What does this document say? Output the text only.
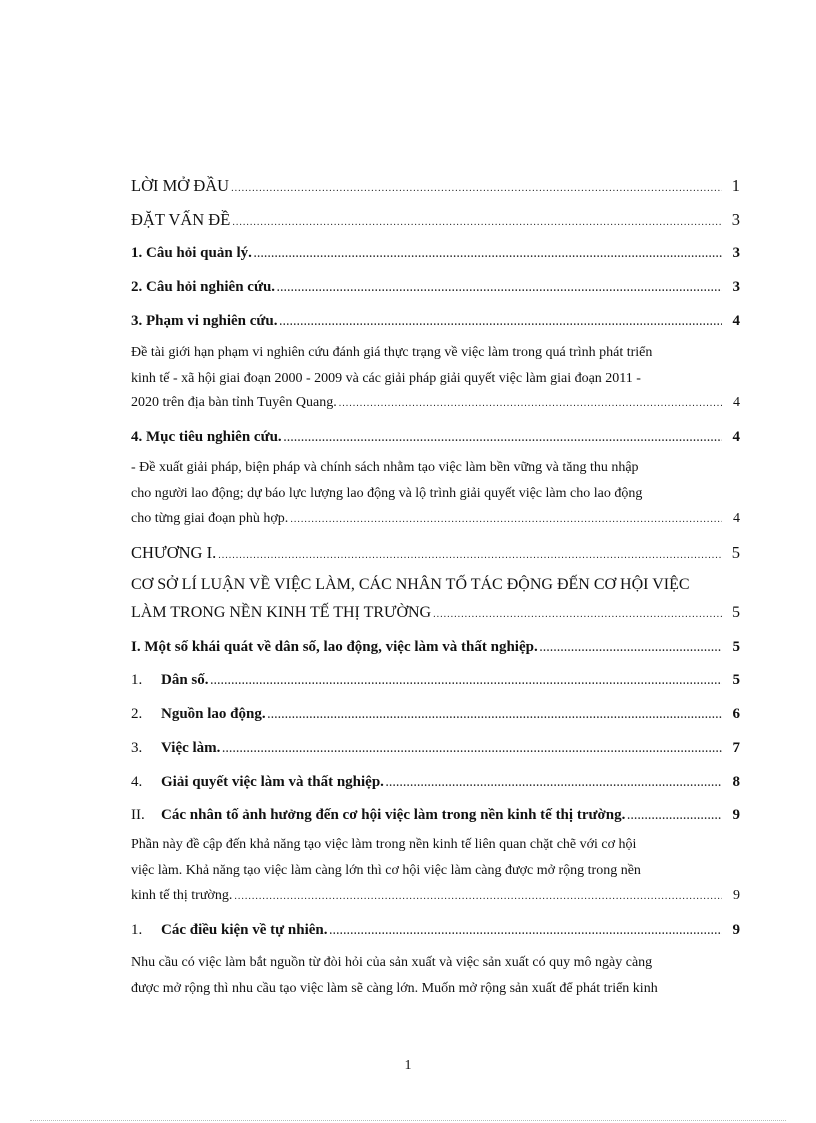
LỜI MỞ ĐẦU .....	1
ĐẶT VẤN ĐỀ .....	3
1. Câu hỏi quản lý. .....	3
2. Câu hỏi nghiên cứu. .....	3
3. Phạm vi nghiên cứu. .....	4
Đề tài giới hạn phạm vi nghiên cứu đánh giá thực trạng về việc làm trong quá trình phát triển
kinh tế - xã hội giai đoạn 2000 - 2009 và các giải pháp giải quyết việc làm giai đoạn 2011 -
2020 trên địa bàn tỉnh Tuyên Quang. .....	4
4. Mục tiêu nghiên cứu. .....	4
- Đề xuất giải pháp, biện pháp và chính sách nhằm tạo việc làm bền vững và tăng thu nhập
cho người lao động; dự báo lực lượng lao động và lộ trình giải quyết việc làm cho lao động
cho từng giai đoạn phù hợp. .....	4
CHƯƠNG I. .....	5
CƠ SỞ LÍ LUẬN VỀ VIỆC LÀM, CÁC NHÂN TỐ TÁC ĐỘNG ĐẾN CƠ HỘI VIỆC
LÀM TRONG NỀN KINH TẾ THỊ TRƯỜNG .....	5
I. Một số khái quát về dân số, lao động, việc làm và thất nghiệp. .....	5
1.	Dân số. .....	5
2.	Nguồn lao động. .....	6
3.	Việc làm. .....	7
4.	Giải quyết việc làm và thất nghiệp. .....	8
II.	Các nhân tố ảnh hưởng đến cơ hội việc làm trong nền kinh tế thị trường. .....	9
Phần này đề cập đến khả năng tạo việc làm trong nền kinh tế liên quan chặt chẽ với cơ hội
việc làm. Khả năng tạo việc làm càng lớn thì cơ hội việc làm càng được mở rộng trong nền
kinh tế thị trường. .....	9
1.	Các điều kiện về tự nhiên. .....	9
Nhu cầu có việc làm bắt nguồn từ đòi hỏi của sản xuất và việc sản xuất có quy mô ngày càng
được mở rộng thì nhu cầu tạo việc làm sẽ càng lớn. Muốn mở rộng sản xuất để phát triển kinh
1
